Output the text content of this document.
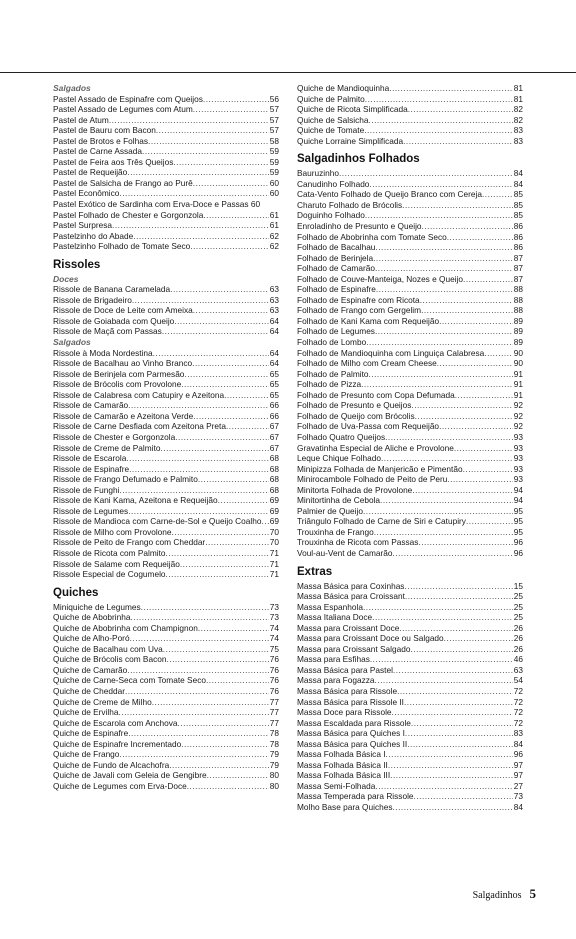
Salgados
Pastel Assado de Espinafre com Queijos .....	56
Pastel Assado de Legumes com Atum .....	57
Pastel de Atum .....	57
Pastel de Bauru com Bacon .....	57
Pastel de Brotos e Folhas .....	58
Pastel de Carne Assada .....	59
Pastel de Feira aos Três Queijos .....	59
Pastel de Requeijão .....	59
Pastel de Salsicha de Frango ao Purê .....	60
Pastel Econômico .....	60
Pastel Exótico de Sardinha com Erva-Doce e Passas 60
Pastel Folhado de Chester e Gorgonzola .....	61
Pastel Surpresa .....	61
Pastelzinho do Abade .....	62
Pastelzinho Folhado de Tomate Seco .....	62
Rissoles
Doces
Rissole de Banana Caramelada .....	63
Rissole de Brigadeiro .....	63
Rissole de Doce de Leite com Ameixa .....	63
Rissole de Goiabada com Queijo .....	64
Rissole de Maçã com Passas .....	64
Salgados
Rissole à Moda Nordestina .....	64
Rissole de Bacalhau ao Vinho Branco .....	64
Rissole de Berinjela com Parmesão .....	65
Rissole de Brócolis com Provolone .....	65
Rissole de Calabresa com Catupiry e Azeitona .....	65
Rissole de Camarão .....	66
Rissole de Camarão e Azeitona Verde .....	66
Rissole de Carne Desfiada com Azeitona Preta .....	67
Rissole de Chester e Gorgonzola .....	67
Rissole de Creme de Palmito .....	67
Rissole de Escarola .....	68
Rissole de Espinafre .....	68
Rissole de Frango Defumado e Palmito .....	68
Rissole de Funghi .....	68
Rissole de Kani Kama, Azeitona e Requeijão .....	69
Rissole de Legumes .....	69
Rissole de Mandioca com Carne-de-Sol e Queijo Coalho ..... 69
Rissole de Milho com Provolone .....	70
Rissole de Peito de Frango com Cheddar .....	70
Rissole de Ricota com Palmito .....	71
Rissole de Salame com Requeijão .....	71
Rissole Especial de Cogumelo .....	71
Quiches
Miniquiche de Legumes .....	73
Quiche de Abobrinha .....	73
Quiche de Abobrinha com Champignon .....	74
Quiche de Alho-Poró .....	74
Quiche de Bacalhau com Uva .....	75
Quiche de Brócolis com Bacon .....	76
Quiche de Camarão .....	76
Quiche de Carne-Seca com Tomate Seco .....	76
Quiche de Cheddar .....	76
Quiche de Creme de Milho .....	77
Quiche de Ervilha .....	77
Quiche de Escarola com Anchova .....	77
Quiche de Espinafre .....	78
Quiche de Espinafre Incrementado .....	78
Quiche de Frango .....	79
Quiche de Fundo de Alcachofra .....	79
Quiche de Javali com Geleia de Gengibre .....	80
Quiche de Legumes com Erva-Doce .....	80
Quiche de Mandioquinha .....	81
Quiche de Palmito .....	81
Quiche de Ricota Simplificada .....	82
Quiche de Salsicha .....	82
Quiche de Tomate .....	83
Quiche Lorraine Simplificada .....	83
Salgadinhos Folhados
Bauruzinho .....	84
Canudinho Folhado .....	84
Cata-Vento Folhado de Queijo Branco com Cereja .....	85
Charuto Folhado de Brócolis .....	85
Doguinho Folhado .....	85
Enroladinho de Presunto e Queijo .....	86
Folhado de Abobrinha com Tomate Seco .....	86
Folhado de Bacalhau .....	86
Folhado de Berinjela .....	87
Folhado de Camarão .....	87
Folhado de Couve-Manteiga, Nozes e Queijo .....	87
Folhado de Espinafre .....	88
Folhado de Espinafre com Ricota .....	88
Folhado de Frango com Gergelim .....	88
Folhado de Kani Kama com Requeijão .....	89
Folhado de Legumes .....	89
Folhado de Lombo .....	89
Folhado de Mandioquinha com Linguiça Calabresa .....	90
Folhado de Milho com Cream Cheese .....	90
Folhado de Palmito .....	91
Folhado de Pizza .....	91
Folhado de Presunto com Copa Defumada .....	91
Folhado de Presunto e Queijos .....	92
Folhado de Queijo com Brócolis .....	92
Folhado de Uva-Passa com Requeijão .....	92
Folhado Quatro Queijos .....	93
Gravatinha Especial de Aliche e Provolone .....	93
Leque Chique Folhado .....	93
Minipizza Folhada de Manjericão e Pimentão .....	93
Minirocambole Folhado de Peito de Peru .....	93
Minitorta Folhada de Provolone .....	94
Minitortinha de Cebola .....	94
Palmier de Queijo .....	95
Triângulo Folhado de Carne de Siri e Catupiry .....	95
Trouxinha de Frango .....	95
Trouxinha de Ricota com Passas .....	96
Voul-au-Vent de Camarão .....	96
Extras
Massa Básica para Coxinhas .....	15
Massa Básica para Croissant .....	25
Massa Espanhola .....	25
Massa Italiana Doce .....	25
Massa para Croissant Doce .....	26
Massa para Croissant Doce ou Salgado .....	26
Massa para Croissant Salgado .....	26
Massa para Esfihas .....	46
Massa Básica para Pastel .....	63
Massa para Fogazza .....	54
Massa Básica para Rissole .....	72
Massa Básica para Rissole II .....	72
Massa Doce para Rissole .....	72
Massa Escaldada para Rissole .....	72
Massa Básica para Quiches I .....	83
Massa Básica para Quiches II .....	84
Massa Folhada Básica I .....	96
Massa Folhada Básica II .....	97
Massa Folhada Básica III .....	97
Massa Semi-Folhada .....	27
Massa Temperada para Rissole .....	73
Molho Base para Quiches .....	84
Salgadinhos 5
